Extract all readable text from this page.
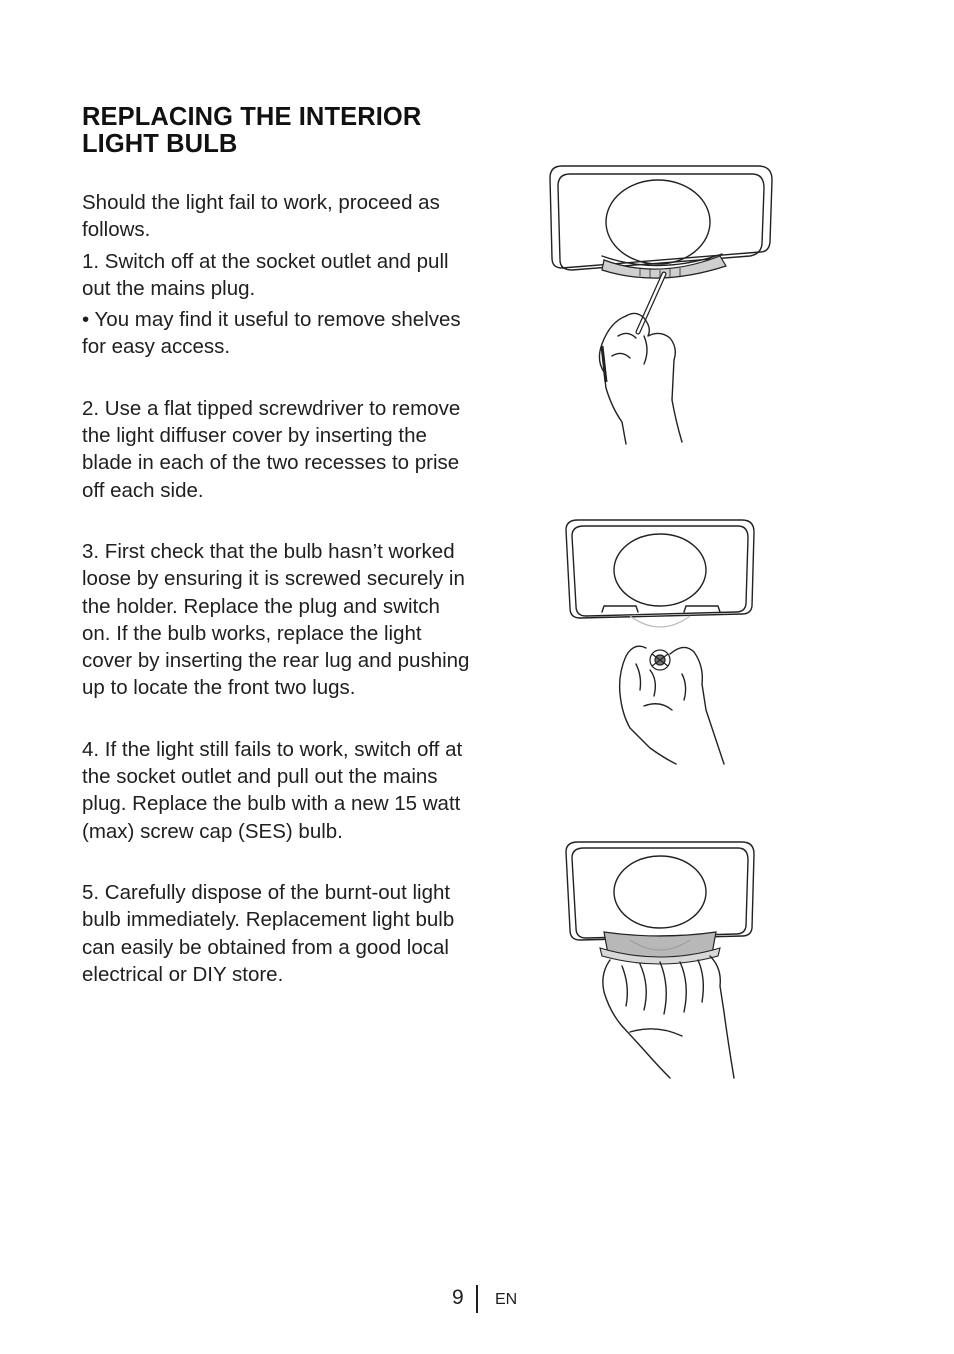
REPLACING THE INTERIOR LIGHT BULB

Should the light fail to work, proceed as follows.

1. Switch off at the socket outlet and pull out the mains plug.

• You may find it useful to remove shelves for easy access.

2. Use a flat tipped screwdriver to remove the light diffuser cover by inserting the blade in each of the two recesses to prise off each side.

3. First check that the bulb hasn’t worked loose by ensuring it is screwed securely in the holder. Replace the plug and switch on. If the bulb works, replace the light cover by inserting the rear lug and pushing up to locate the front two lugs.

4. If the light still fails to work, switch off at the socket outlet and pull out the mains plug. Replace the bulb with a new 15 watt (max) screw cap (SES) bulb.

5. Carefully dispose of the burnt-out light bulb immediately. Replacement light bulb can easily be obtained from a good local electrical or DIY store.

9 EN
